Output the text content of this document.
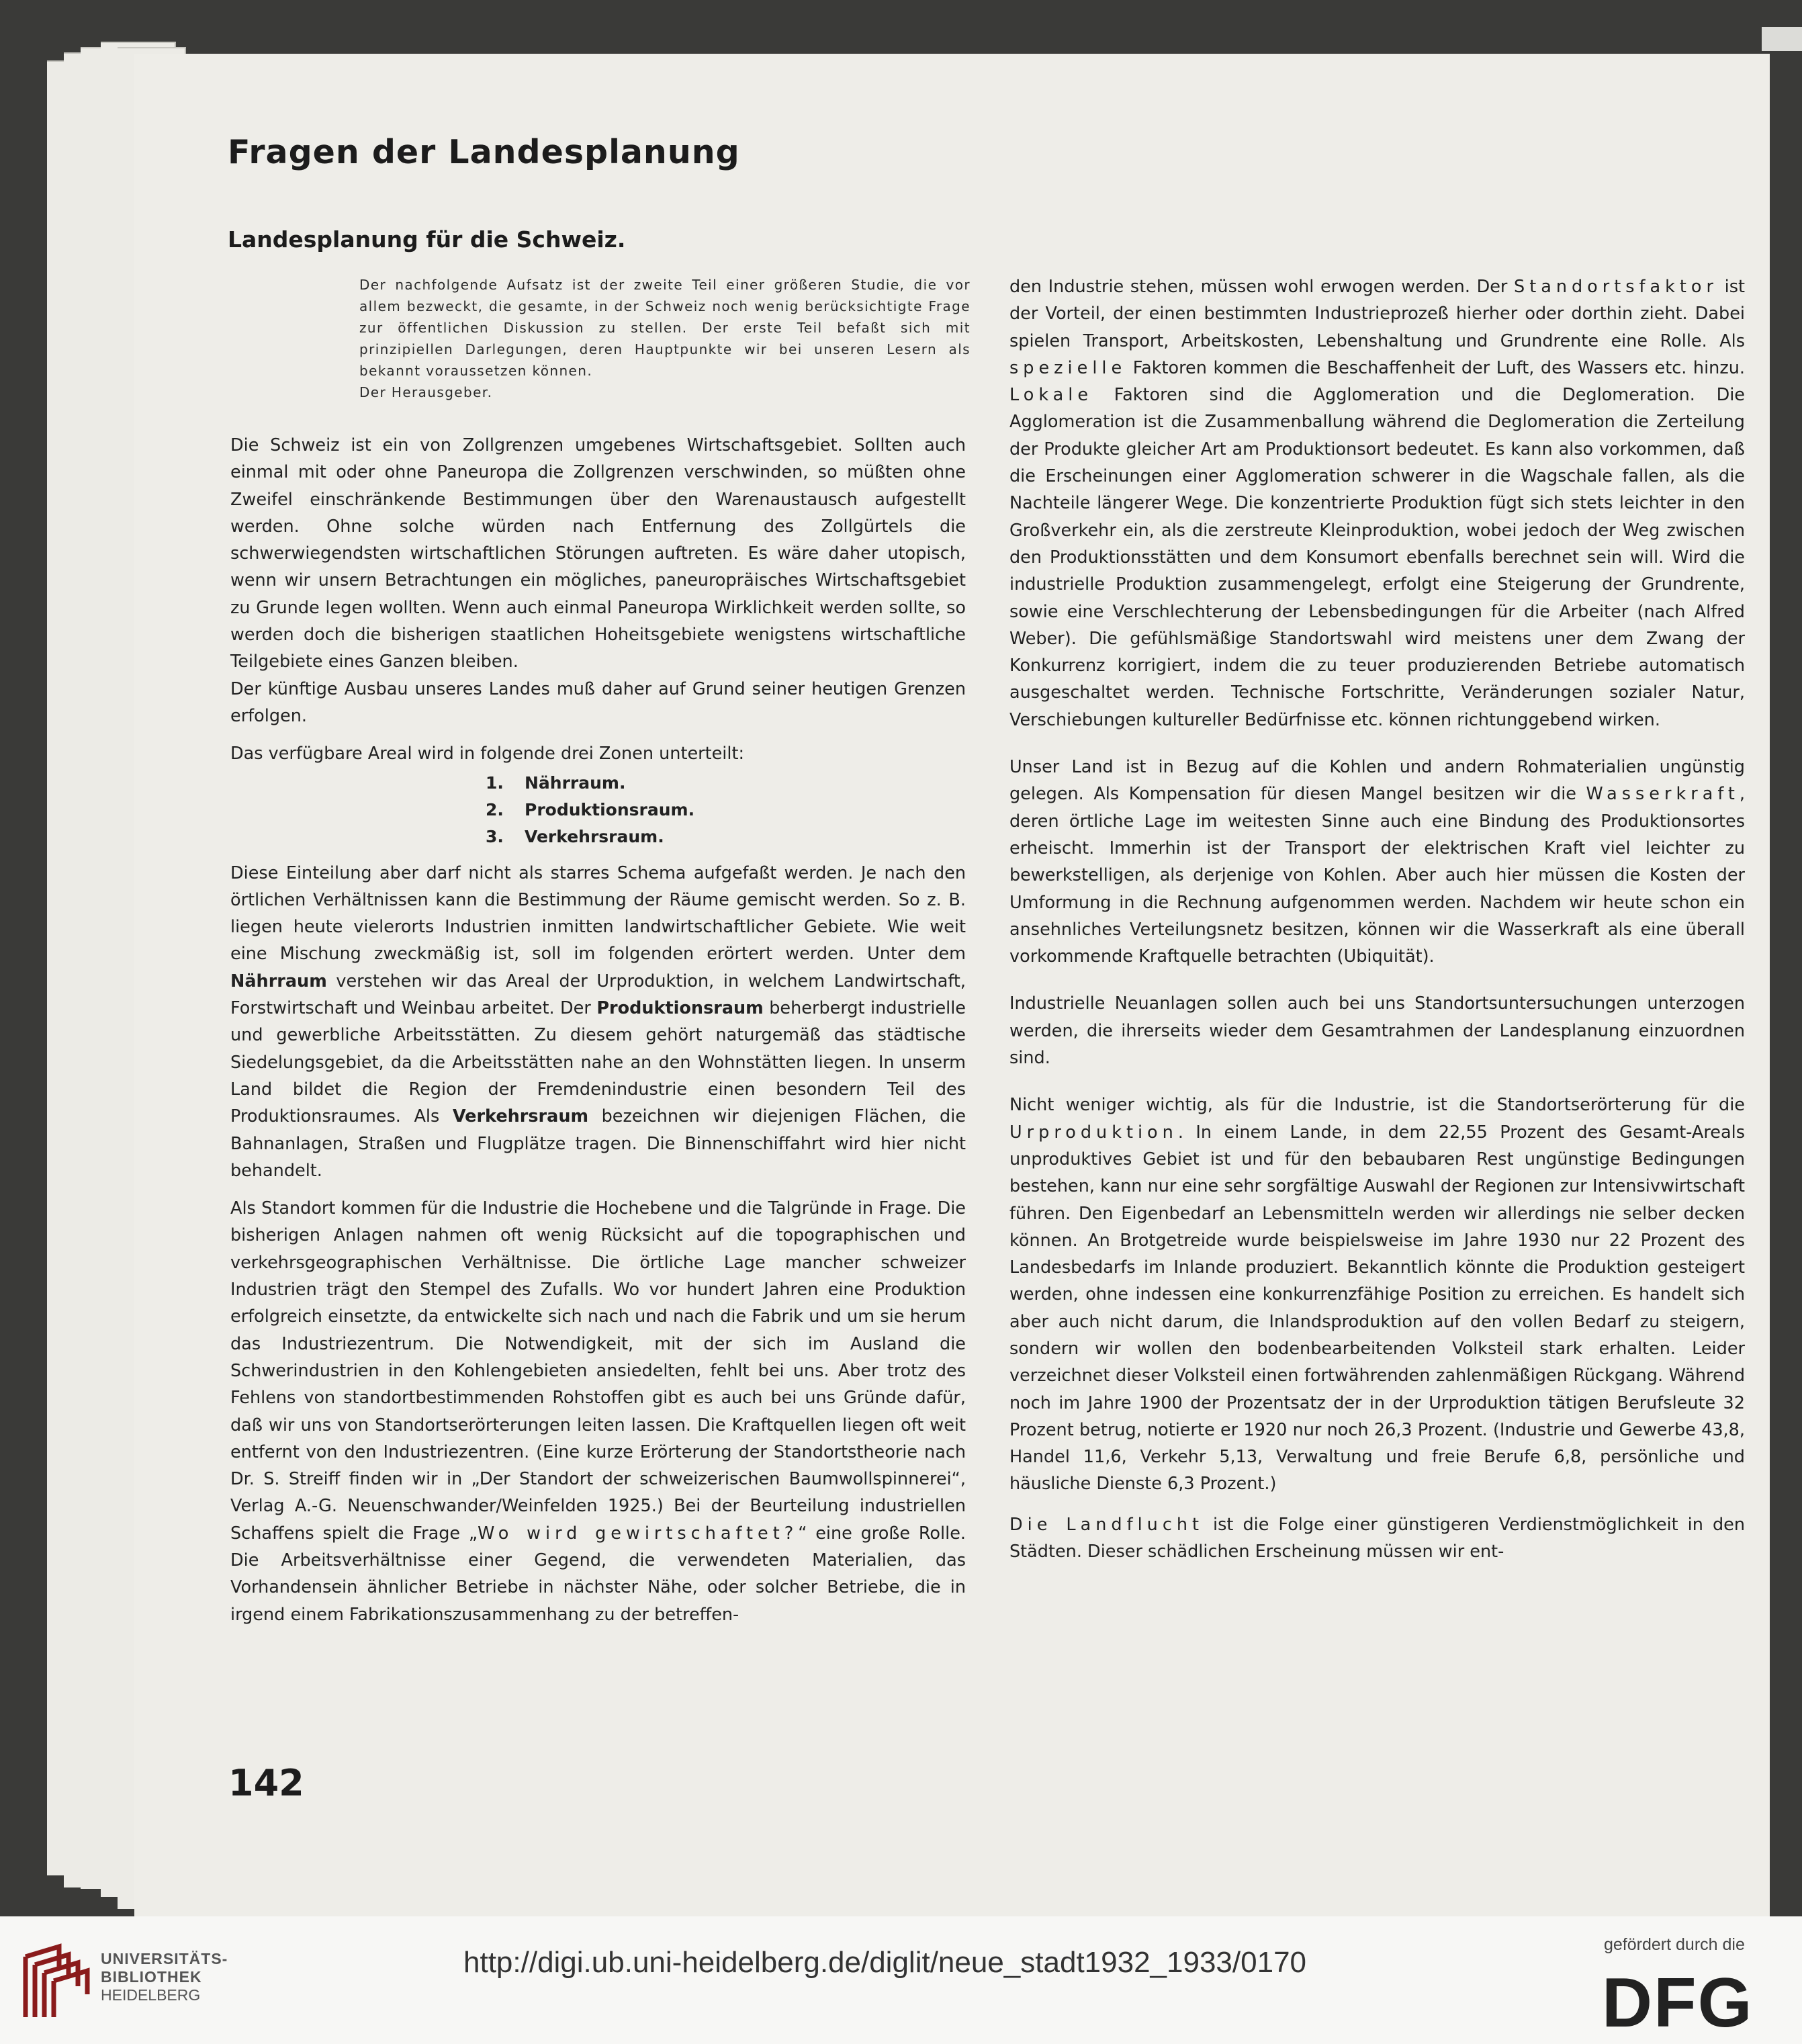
Fragen der Landesplanung
Landesplanung für die Schweiz.

Der nachfolgende Aufsatz ist der zweite Teil einer größeren Studie, die vor allem bezweckt, die gesamte, in der Schweiz noch wenig berücksichtigte Frage zur öffentlichen Diskussion zu stellen. Der erste Teil befaßt sich mit prinzipiellen Darlegungen, deren Hauptpunkte wir bei unseren Lesern als bekannt voraussetzen können.
Der Herausgeber.

Die Schweiz ist ein von Zollgrenzen umgebenes Wirtschaftsgebiet. Sollten auch einmal mit oder ohne Paneuropa die Zollgrenzen verschwinden, so müßten ohne Zweifel einschränkende Bestimmungen über den Warenaustausch aufgestellt werden. Ohne solche würden nach Entfernung des Zollgürtels die schwerwiegendsten wirtschaftlichen Störungen auftreten. Es wäre daher utopisch, wenn wir unsern Betrachtungen ein mögliches, paneuropräisches Wirtschaftsgebiet zu Grunde legen wollten. Wenn auch einmal Paneuropa Wirklichkeit werden sollte, so werden doch die bisherigen staatlichen Hoheitsgebiete wenigstens wirtschaftliche Teilgebiete eines Ganzen bleiben.

Der künftige Ausbau unseres Landes muß daher auf Grund seiner heutigen Grenzen erfolgen.

Das verfügbare Areal wird in folgende drei Zonen unterteilt:

1. Nährraum.
2. Produktionsraum.
3. Verkehrsraum.

Diese Einteilung aber darf nicht als starres Schema aufgefaßt werden. Je nach den örtlichen Verhältnissen kann die Bestimmung der Räume gemischt werden. So z. B. liegen heute vielerorts Industrien inmitten landwirtschaftlicher Gebiete. Wie weit eine Mischung zweckmäßig ist, soll im folgenden erörtert werden. Unter dem Nährraum verstehen wir das Areal der Urproduktion, in welchem Landwirtschaft, Forstwirtschaft und Weinbau arbeitet. Der Produktionsraum beherbergt industrielle und gewerbliche Arbeitsstätten. Zu diesem gehört naturgemäß das städtische Siedelungsgebiet, da die Arbeitsstätten nahe an den Wohnstätten liegen. In unserm Land bildet die Region der Fremdenindustrie einen besondern Teil des Produktionsraumes. Als Verkehrsraum bezeichnen wir diejenigen Flächen, die Bahnanlagen, Straßen und Flugplätze tragen. Die Binnenschiffahrt wird hier nicht behandelt.

Als Standort kommen für die Industrie die Hochebene und die Talgründe in Frage. Die bisherigen Anlagen nahmen oft wenig Rücksicht auf die topographischen und verkehrsgeographischen Verhältnisse. Die örtliche Lage mancher schweizer Industrien trägt den Stempel des Zufalls. Wo vor hundert Jahren eine Produktion erfolgreich einsetzte, da entwickelte sich nach und nach die Fabrik und um sie herum das Industriezentrum. Die Notwendigkeit, mit der sich im Ausland die Schwerindustrien in den Kohlengebieten ansiedelten, fehlt bei uns. Aber trotz des Fehlens von standortbestimmenden Rohstoffen gibt es auch bei uns Gründe dafür, daß wir uns von Standortserörterungen leiten lassen. Die Kraftquellen liegen oft weit entfernt von den Industriezentren. (Eine kurze Erörterung der Standortstheorie nach Dr. S. Streiff finden wir in „Der Standort der schweizerischen Baumwollspinnerei“, Verlag A.-G. Neuenschwander/Weinfelden 1925.) Bei der Beurteilung industriellen Schaffens spielt die Frage „Wo wird gewirtschaftet?“ eine große Rolle. Die Arbeitsverhältnisse einer Gegend, die verwendeten Materialien, das Vorhandensein ähnlicher Betriebe in nächster Nähe, oder solcher Betriebe, die in irgend einem Fabrikationszusammenhang zu der betreffen-

den Industrie stehen, müssen wohl erwogen werden. Der Standortsfaktor ist der Vorteil, der einen bestimmten Industrieprozeß hierher oder dorthin zieht. Dabei spielen Transport, Arbeitskosten, Lebenshaltung und Grundrente eine Rolle. Als spezielle Faktoren kommen die Beschaffenheit der Luft, des Wassers etc. hinzu. Lokale Faktoren sind die Agglomeration und die Deglomeration. Die Agglomeration ist die Zusammenballung während die Deglomeration die Zerteilung der Produkte gleicher Art am Produktionsort bedeutet. Es kann also vorkommen, daß die Erscheinungen einer Agglomeration schwerer in die Wagschale fallen, als die Nachteile längerer Wege. Die konzentrierte Produktion fügt sich stets leichter in den Großverkehr ein, als die zerstreute Kleinproduktion, wobei jedoch der Weg zwischen den Produktionsstätten und dem Konsumort ebenfalls berechnet sein will. Wird die industrielle Produktion zusammengelegt, erfolgt eine Steigerung der Grundrente, sowie eine Verschlechterung der Lebensbedingungen für die Arbeiter (nach Alfred Weber). Die gefühlsmäßige Standortswahl wird meistens uner dem Zwang der Konkurrenz korrigiert, indem die zu teuer produzierenden Betriebe automatisch ausgeschaltet werden. Technische Fortschritte, Veränderungen sozialer Natur, Verschiebungen kultureller Bedürfnisse etc. können richtunggebend wirken.

Unser Land ist in Bezug auf die Kohlen und andern Rohmaterialien ungünstig gelegen. Als Kompensation für diesen Mangel besitzen wir die Wasserkraft, deren örtliche Lage im weitesten Sinne auch eine Bindung des Produktionsortes erheischt. Immerhin ist der Transport der elektrischen Kraft viel leichter zu bewerkstelligen, als derjenige von Kohlen. Aber auch hier müssen die Kosten der Umformung in die Rechnung aufgenommen werden. Nachdem wir heute schon ein ansehnliches Verteilungsnetz besitzen, können wir die Wasserkraft als eine überall vorkommende Kraftquelle betrachten (Ubiquität).

Industrielle Neuanlagen sollen auch bei uns Standortsuntersuchungen unterzogen werden, die ihrerseits wieder dem Gesamtrahmen der Landesplanung einzuordnen sind.

Nicht weniger wichtig, als für die Industrie, ist die Standortserörterung für die Urproduktion. In einem Lande, in dem 22,55 Prozent des Gesamt-Areals unproduktives Gebiet ist und für den bebaubaren Rest ungünstige Bedingungen bestehen, kann nur eine sehr sorgfältige Auswahl der Regionen zur Intensivwirtschaft führen. Den Eigenbedarf an Lebensmitteln werden wir allerdings nie selber decken können. An Brotgetreide wurde beispielsweise im Jahre 1930 nur 22 Prozent des Landesbedarfs im Inlande produziert. Bekanntlich könnte die Produktion gesteigert werden, ohne indessen eine konkurrenzfähige Position zu erreichen. Es handelt sich aber auch nicht darum, die Inlandsproduktion auf den vollen Bedarf zu steigern, sondern wir wollen den bodenbearbeitenden Volksteil stark erhalten. Leider verzeichnet dieser Volksteil einen fortwährenden zahlenmäßigen Rückgang. Während noch im Jahre 1900 der Prozentsatz der in der Urproduktion tätigen Berufsleute 32 Prozent betrug, notierte er 1920 nur noch 26,3 Prozent. (Industrie und Gewerbe 43,8, Handel 11,6, Verkehr 5,13, Verwaltung und freie Berufe 6,8, persönliche und häusliche Dienste 6,3 Prozent.)

Die Landflucht ist die Folge einer günstigeren Verdienstmöglichkeit in den Städten. Dieser schädlichen Erscheinung müssen wir ent-

142

UNIVERSITÄTS-
BIBLIOTHEK
HEIDELBERG
http://digi.ub.uni-heidelberg.de/diglit/neue_stadt1932_1933/0170
gefördert durch die
DFG
